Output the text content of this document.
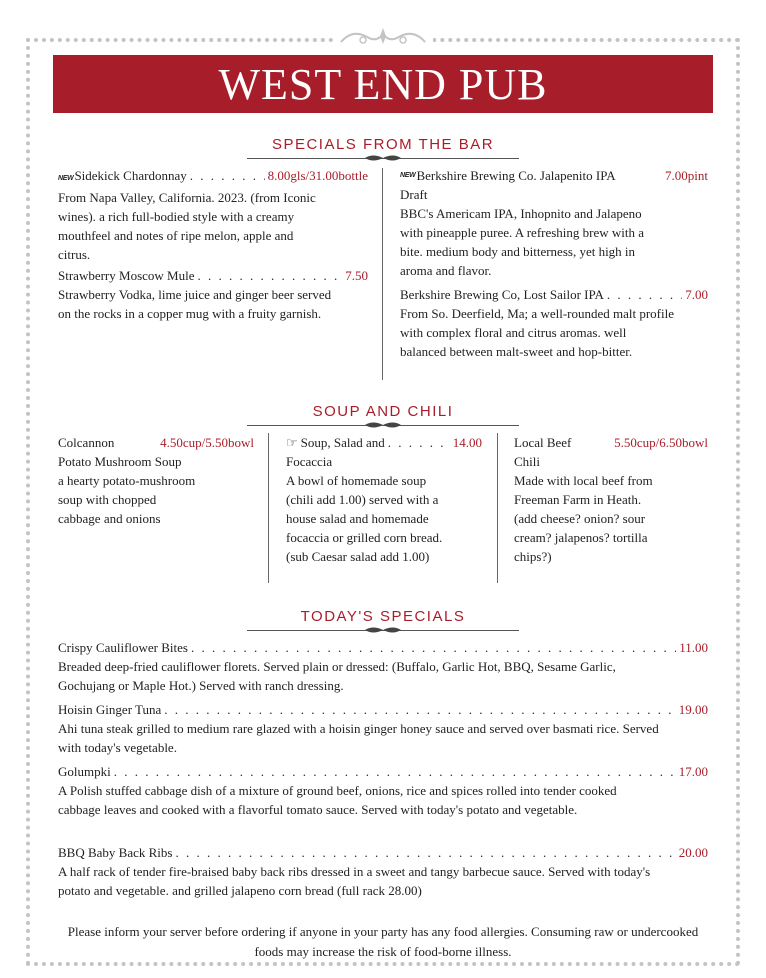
WEST END PUB
SPECIALS FROM THE BAR
NEW Sidekick Chardonnay . . .	8.00gls/31.00bottle

From Napa Valley, California. 2023. (from Iconic wines). a rich full-bodied style with a creamy mouthfeel and notes of ripe melon, apple and citrus.

Strawberry Moscow Mule . . .	7.50

Strawberry Vodka, lime juice and ginger beer served on the rocks in a copper mug with a fruity garnish.

$^{NEW}$Berkshire Brewing Co. Jalapenito IPA	7.00pint
Draft

BBC's Americam IPA, Inhopnito and Jalapeno with pineapple puree. A refreshing brew with a bite. medium body and bitterness, yet high in aroma and flavor.

Berkshire Brewing Co, Lost Sailor IPA . . .	7.00

From So. Deerfield, Ma; a well-rounded malt profile with complex floral and citrus aromas. well balanced between malt-sweet and hop-bitter.

SOUP AND CHILI
Colcannon	4.50cup/5.50bowl
Potato Mushroom Soup

a hearty potato-mushroom soup with chopped cabbage and onions

☞ Soup, Salad and . . .	14.00
Focaccia

A bowl of homemade soup (chili add 1.00) served with a house salad and homemade focaccia or grilled corn bread. (sub Caesar salad add 1.00)

Local Beef	5.50cup/6.50bowl
Chili

Made with local beef from Freeman Farm in Heath. (add cheese? onion? sour cream? jalapenos? tortilla chips?)

TODAY'S SPECIALS
Crispy Cauliflower Bites . . .	11.00

Breaded deep-fried cauliflower florets. Served plain or dressed: (Buffalo, Garlic Hot, BBQ, Sesame Garlic, Gochujang or Maple Hot.) Served with ranch dressing.

Hoisin Ginger Tuna . . .	19.00

Ahi tuna steak grilled to medium rare glazed with a hoisin ginger honey sauce and served over basmati rice. Served with today's vegetable.

Golumpki . . .	17.00

A Polish stuffed cabbage dish of a mixture of ground beef, onions, rice and spices rolled into tender cooked cabbage leaves and cooked with a flavorful tomato sauce. Served with today's potato and vegetable.

BBQ Baby Back Ribs . . .	20.00

A half rack of tender fire-braised baby back ribs dressed in a sweet and tangy barbecue sauce. Served with today's potato and vegetable. and grilled jalapeno corn bread (full rack 28.00)

Please inform your server before ordering if anyone in your party has any food allergies. Consuming raw or undercooked foods may increase the risk of food-borne illness.
